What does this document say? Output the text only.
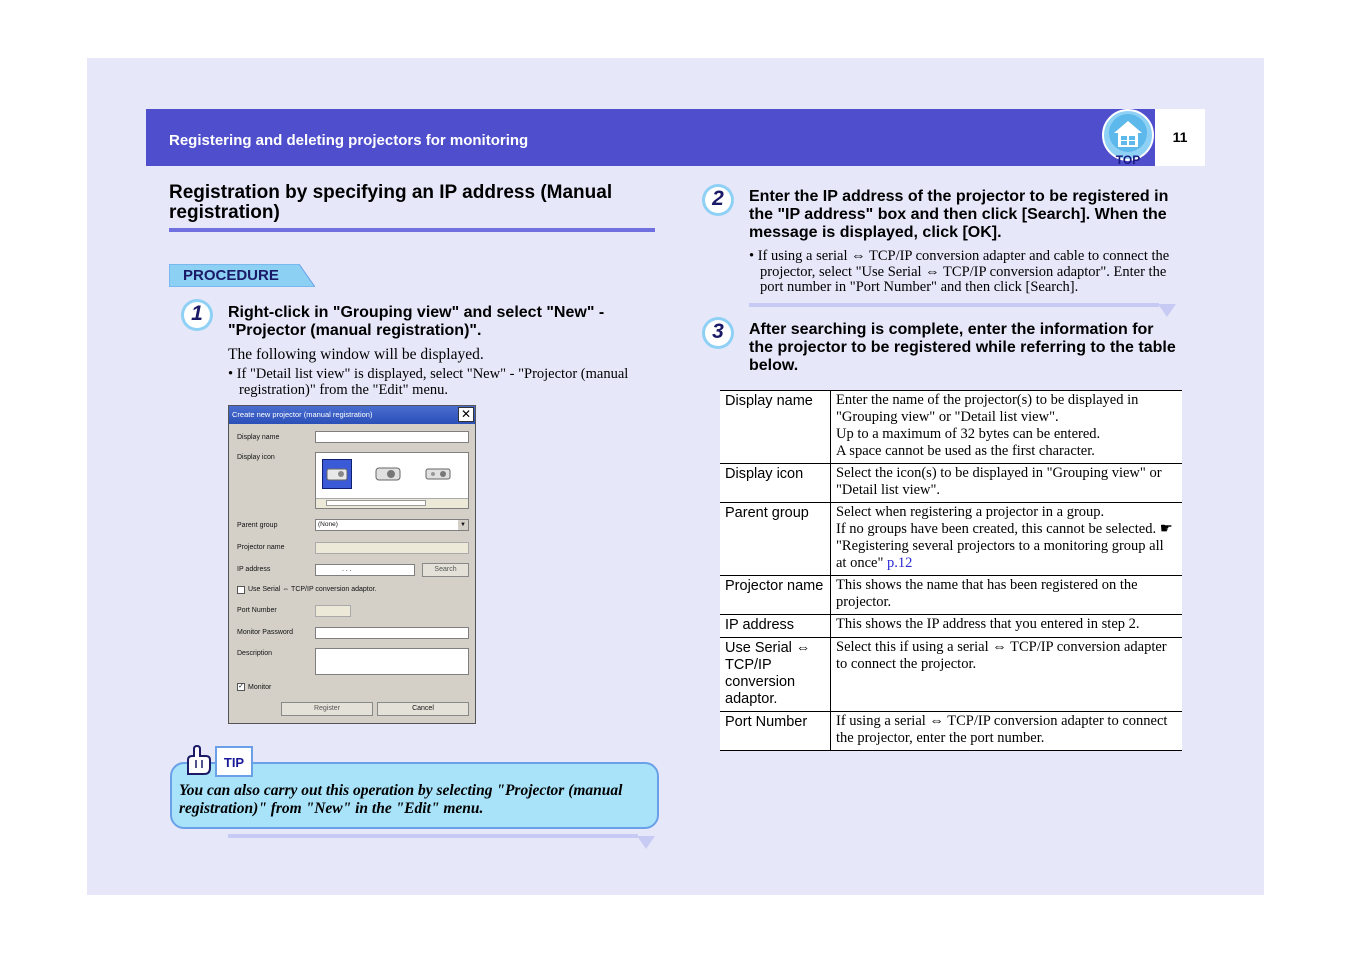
Registering and deleting projectors for monitoring
TOP
11
Registration by specifying an IP address (Manual registration)
PROCEDURE
1	Right-click in "Grouping view" and select "New" - "Projector (manual registration)".
The following window will be displayed.
• If "Detail list view" is displayed, select "New" - "Projector (manual registration)" from the "Edit" menu.
Create new projector (manual registration)	✕
Display name
Display icon
Parent group	(None)	▼
Projector name
IP address	. . .	Search
Use Serial ⇔ TCP/IP conversion adaptor.
Port Number
Monitor Password
Description
✓ Monitor
Register	Cancel
TIP
You can also carry out this operation by selecting "Projector (manual registration)" from "New" in the "Edit" menu.
2	Enter the IP address of the projector to be registered in the "IP address" box and then click [Search]. When the message is displayed, click [OK].
• If using a serial ⇔ TCP/IP conversion adapter and cable to connect the projector, select "Use Serial ⇔ TCP/IP conversion adaptor". Enter the port number in "Port Number" and then click [Search].
3	After searching is complete, enter the information for the projector to be registered while referring to the table below.
Display name	Enter the name of the projector(s) to be displayed in "Grouping view" or "Detail list view".
Up to a maximum of 32 bytes can be entered.
A space cannot be used as the first character.

Display icon	Select the icon(s) to be displayed in "Grouping view" or "Detail list view".

Parent group	Select when registering a projector in a group.
If no groups have been created, this cannot be selected. ☛ "Registering several projectors to a monitoring group all at once" p.12
Projector name	This shows the name that has been registered on the projector.

IP address	This shows the IP address that you entered in step 2.

Use Serial ⇔ TCP/IP conversion adaptor.	Select this if using a serial ⇔ TCP/IP conversion adapter to connect the projector.

Port Number	If using a serial ⇔ TCP/IP conversion adapter to connect the projector, enter the port number.
